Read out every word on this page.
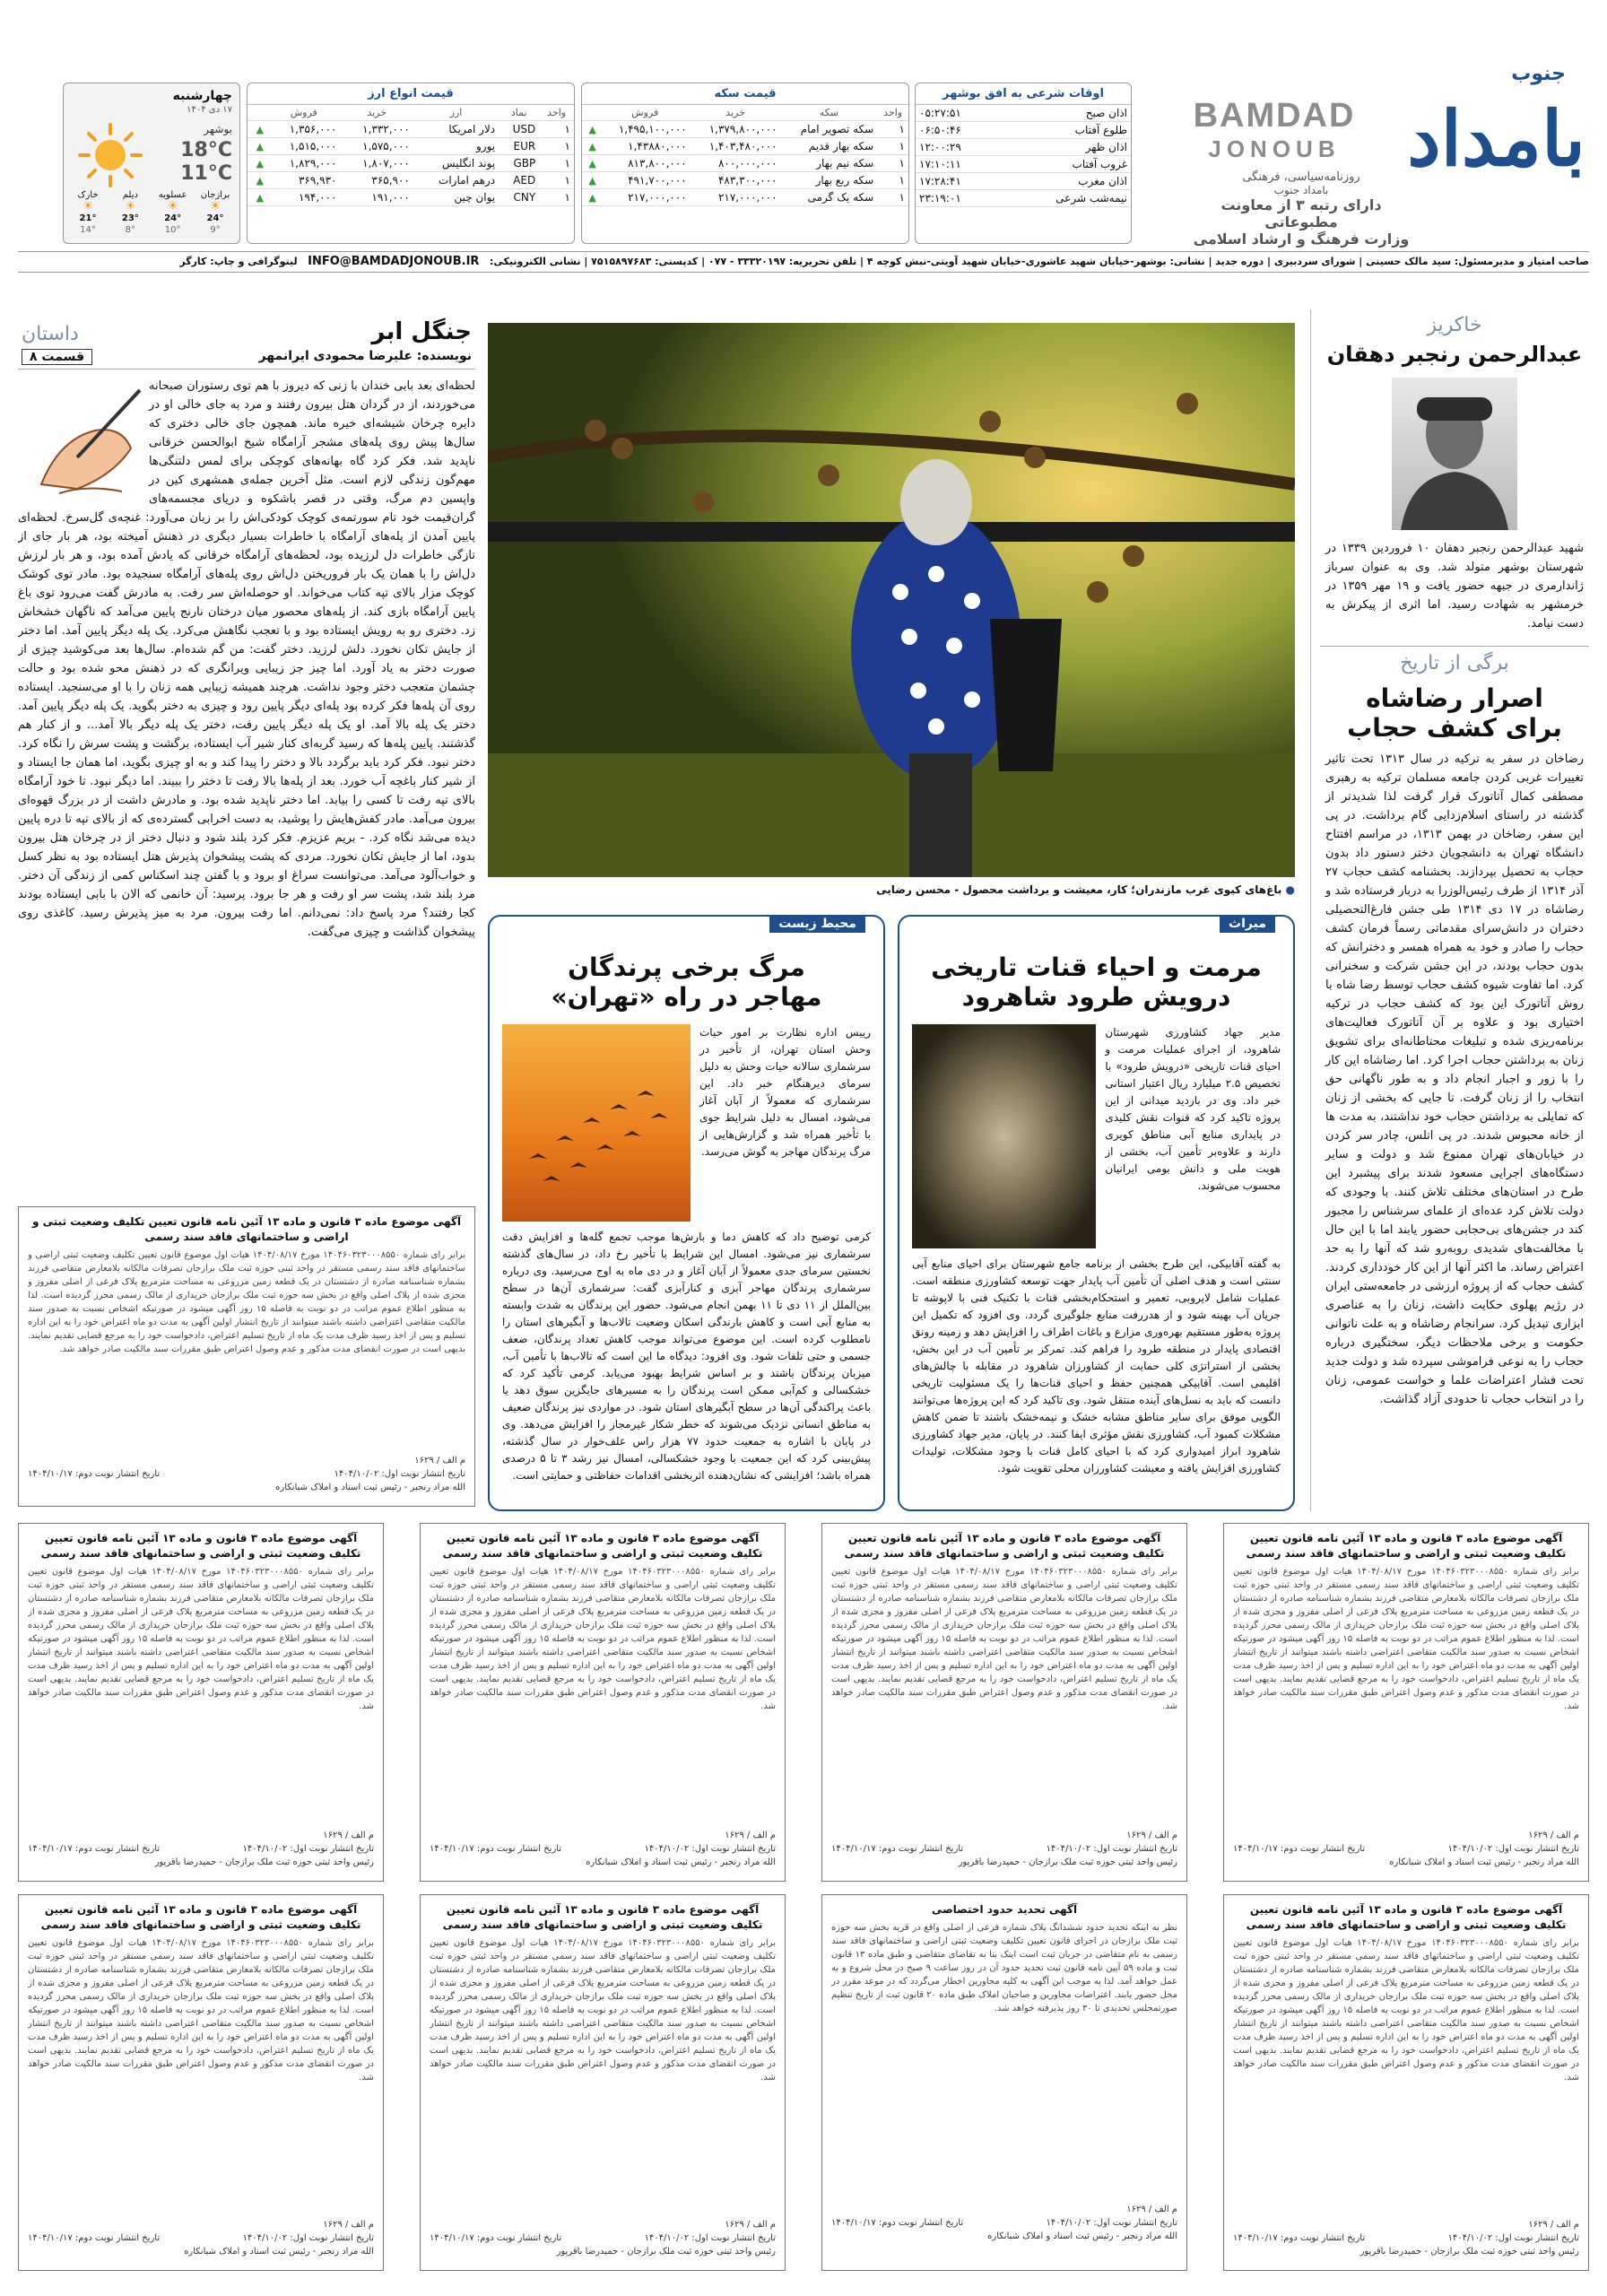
جنوب
بامداد
BAMDAD
JONOUB
روزنامه‌سیاسی، فرهنگی
بامداد جنوب
دارای رتبه ۳ از معاونت مطبوعاتی
وزارت فرهنگ و ارشاد اسلامی
اوقات شرعی به افق بوشهر
اذان صبح	۰۵:۲۷:۵۱
طلوع آفتاب	۰۶:۵۰:۴۶
اذان ظهر	۱۲:۰۰:۲۹
غروب آفتاب	۱۷:۱۰:۱۱
اذان مغرب	۱۷:۲۸:۴۱
نیمه‌شب شرعی	۲۳:۱۹:۰۱
قیمت سکه
واحد	سکه	خرید	فروش	
۱	سکه تصویر امام	۱,۳۷۹,۸۰۰,۰۰۰	۱,۴۹۵,۱۰۰,۰۰۰	▲
۱	سکه بهار قدیم	۱,۴۰۳,۴۸۰,۰۰۰	۱,۴۳۸۸۰,۰۰۰	▲
۱	سکه نیم بهار	۸۰۰,۰۰۰,۰۰۰	۸۱۳,۸۰۰,۰۰۰	▲
۱	سکه ربع بهار	۴۸۳,۳۰۰,۰۰۰	۴۹۱,۷۰۰,۰۰۰	▲
۱	سکه یک گرمی	۲۱۷,۰۰۰,۰۰۰	۲۱۷,۰۰۰,۰۰۰	▲
قیمت انواع ارز
واحد	نماد	ارز	خرید	فروش	
۱	USD	دلار امریکا	۱,۳۳۲,۰۰۰	۱,۳۵۶,۰۰۰	▲
۱	EUR	یورو	۱,۵۷۵,۰۰۰	۱,۵۱۵,۰۰۰	▲
۱	GBP	پوند انگلیس	۱,۸۰۷,۰۰۰	۱,۸۲۹,۰۰۰	▲
۱	AED	درهم امارات	۳۶۵,۹۰۰	۳۶۹,۹۳۰	▲
۱	CNY	یوان چین	۱۹۱,۰۰۰	۱۹۴,۰۰۰	▲
چهارشنبه
۱۷ دی ۱۴۰۴
بوشهر
18°C
11°C
برازجان
☀
24°
9°
عسلویه
☀
24°
10°
دیلم
☀
23°
8°
خارک
☀
21°
14°
صاحب امتیاز و مدیرمسئول: سید مالک حسینی | شورای سردبیری | دوره جدید | نشانی: بوشهر-خیابان شهید عاشوری-خیابان شهید آویتی-نبش کوچه ۴ | تلفن تحریریه: ۳۳۳۲۰۱۹۷ - ۰۷۷ | کدپستی: ۷۵۱۵۸۹۷۶۸۳ | نشانی الکترونیکی: INFO@BAMDADJONOUB.IR لیتوگرافی و چاپ: کارگر
خاکریز
عبدالرحمن رنجبر دهقان
شهید عبدالرحمن رنجبر دهقان ۱۰ فروردین ۱۳۳۹ در شهرستان بوشهر متولد شد. وی به عنوان سرباز ژاندارمری در جبهه حضور یافت و ۱۹ مهر ۱۳۵۹ در خرمشهر به شهادت رسید. اما اثری از پیکرش به دست نیامد.
برگی از تاریخ
اصرار رضاشاه
برای کشف حجاب
رضاخان در سفر به ترکیه در سال ۱۳۱۳ تحت تاثیر تغییرات غربی کردن جامعه مسلمان ترکیه به رهبری مصطفی کمال آتاتورک قرار گرفت لذا شدیدتر از گذشته در راستای اسلام‌زدایی گام برداشت. در پی این سفر، رضاخان در بهمن ۱۳۱۳، در مراسم افتتاح دانشگاه تهران به دانشجویان دختر دستور داد بدون حجاب به تحصیل بپردازند. بخشنامه کشف حجاب ۲۷ آذر ۱۳۱۴ از طرف رئیس‌الوزرا به دربار فرستاده شد و رضاشاه در ۱۷ دی ۱۳۱۴ طی جشن فارغ‌التحصیلی دختران در دانش‌سرای مقدماتی رسماً فرمان کشف حجاب را صادر و خود به همراه همسر و دخترانش که بدون حجاب بودند، در این جشن شرکت و سخنرانی کرد. اما تفاوت شیوه کشف حجاب توسط رضا شاه با روش آتاتورک این بود که کشف حجاب در ترکیه اختیاری بود و علاوه بر آن آتاتورک فعالیت‌های برنامه‌ریزی شده و تبلیغات محتاطانه‌ای برای تشویق زنان به برداشتن حجاب اجرا کرد. اما رضاشاه این کار را با زور و اجبار انجام داد و به طور ناگهانی حق انتخاب را از زنان گرفت. تا جایی که بخشی از زنان که تمایلی به برداشتن حجاب خود نداشتند، به مدت ها از خانه محبوس شدند. در پی اتلس، چادر سر کردن در خیابان‌های تهران ممنوع شد و دولت و سایر دستگاه‌های اجرایی مسعود شدند برای پیشبرد این طرح در استان‌های مختلف تلاش کنند. با وجودی که دولت تلاش کرد عده‌ای از علمای سرشناس را مجبور کند در جشن‌های بی‌حجابی حضور یابند اما با این حال با مخالفت‌های شدیدی روبه‌رو شد که آنها را به حد اعتراض رساند. ما اکثر آنها از این کار خودداری کردند. کشف حجاب که از پروژه ارزشی در جامعه‌ستی ایران در رژیم پهلوی حکایت داشت، زنان را به عناصری ابزاری تبدیل کرد. سرانجام رضاشاه و به علت ناتوانی حکومت و برخی ملاحظات دیگر، سختگیری درباره حجاب را به نوعی فراموشی سپرده شد و دولت جدید تحت فشار اعتراضات علما و خواست عمومی، زنان را در انتخاب حجاب تا حدودی آزاد گذاشت.
● باغ‌های کیوی غرب مازندران؛ کار، معیشت و برداشت محصول - محسن رضایی
میراث
مرمت و احیاء قنات تاریخی
درویش طرود شاهرود
مدیر جهاد کشاورزی شهرستان شاهرود، از اجرای عملیات مرمت و احیای قنات تاریخی «درویش طرود» با تخصیص ۲.۵ میلیارد ریال اعتبار استانی خبر داد. وی در بازدید میدانی از این پروژه تاکید کرد که قنوات نقش کلیدی در پایداری منابع آبی مناطق کویری دارند و علاوه‌بر تأمین آب، بخشی از هویت ملی و دانش بومی ایرانیان محسوب می‌شوند.
به گفته آقابیکی، این طرح بخشی از برنامه جامع شهرستان برای احیای منابع آبی سنتی است و هدف اصلی آن تأمین آب پایدار جهت توسعه کشاورزی منطقه است. عملیات شامل لایروبی، تعمیر و استحکام‌بخشی قنات با تکنیک فنی‌ با لاپوشه تا جریان آب بهینه شود و از هدررفت منابع جلوگیری گردد. وی افزود که تکمیل این پروژه به‌طور مستقیم بهره‌وری مزارع و باغات اطراف را افزایش دهد و زمینه رونق اقتصادی پایدار در منطقه طرود را فراهم کند. تمرکز بر تأمین آب در این بخش، بخشی از استراتژی کلی حمایت از کشاورزان شاهرود در مقابله با چالش‌های اقلیمی است. آقابیکی همچنین حفظ و احیای قنات‌ها را یک مسئولیت تاریخی دانست که باید به نسل‌های آینده منتقل شود. وی تاکید کرد که این پروژه‌ها می‌توانند الگویی موفق برای سایر مناطق مشابه خشک و نیمه‌خشک باشند تا ضمن کاهش مشکلات کمبود آب، کشاورزی نقش مؤثری ایفا کنند. در پایان، مدیر جهاد کشاورزی شاهرود ابراز امیدواری کرد که با احیای کامل قنات با وجود مشکلات، تولیدات کشاورزی افزایش یافته و معیشت کشاورزان محلی تقویت شود.
محیط زیست
مرگ برخی پرندگان
مهاجر در راه «تهران»
رییس اداره نظارت بر امور حیات وحش استان تهران، از تأخیر در سرشماری سالانه حیات وحش به دلیل سرمای دیرهنگام خبر داد. این سرشماری که معمولاً از آبان آغاز می‌شود، امسال به دلیل شرایط جوی با تأخیر همراه شد و گزارش‌هایی از مرگ پرندگان مهاجر به گوش می‌رسد.
کرمی توضیح داد که کاهش دما و بارش‌ها موجب تجمع گله‌ها و افزایش دقت سرشماری نیز می‌شود. امسال این شرایط با تأخیر رخ داد، در سال‌های گذشته نخستین سرمای جدی معمولاً از آبان آغاز و در دی ماه به اوج می‌رسید. وی درباره سرشماری پرندگان مهاجر آبزی و کنارآبزی گفت: سرشماری آن‌ها در سطح بین‌الملل از ۱۱ دی تا ۱۱ بهمن انجام می‌شود. حضور این پرندگان به شدت وابسته به منابع آبی است و کاهش بارندگی اسکان وضعیت تالاب‌ها و آبگیرهای استان را نامطلوب کرده است. این موضوع می‌تواند موجب کاهش تعداد پرندگان، ضعف جسمی و حتی تلفات شود. وی افزود: دیدگاه ما این است که تالاب‌ها با تأمین آب، میزبان پرندگان باشند و بر اساس شرایط بهبود می‌یابد. کرمی تأکید کرد که خشکسالی و کم‌آبی ممکن است پرندگان را به مسیرهای جایگزین سوق دهد یا باعث پراکندگی آن‌ها در سطح آبگیرهای استان شود. در مواردی نیز پرندگان ضعیف به مناطق انسانی نزدیک می‌شوند که خطر شکار غیرمجاز را افزایش می‌دهد. وی در پایان با اشاره به جمعیت حدود ۷۷ هزار راس علف‌خوار در سال گذشته، پیش‌بینی کرد که این جمعیت با وجود خشکسالی، امسال نیز رشد ۳ تا ۵ درصدی همراه باشد؛ افزایشی که نشان‌دهنده اثربخشی اقدامات حفاظتی و حمایتی است.
جنگل ابر
داستان
نویسنده: علیرضا محمودی ایرانمهر
قسمت ۸
لحظه‌ای بعد بابی خندان با زنی که دیروز با هم توی رستوران صبحانه می‌خوردند، از در گردان هتل بیرون رفتند و مرد به جای خالی او در دایره چرخان شیشه‌ای خیره ماند. همچون جای خالی دختری که سال‌ها پیش روی پله‌های مشجر آرامگاه شیخ ابوالحسن خرقانی ناپدید شد. فکر کرد گاه بهانه‌های کوچکی برای لمس دلتنگی‌ها مهم‌گون زندگی لازم است. مثل آخرین جمله‌ی همشهری کین در واپسین دم مرگ، وقتی در قصر باشکوه و دریای مجسمه‌های گران‌قیمت خود تام سورتمه‌ی کوچک کودکی‌اش را بر زبان می‌آورد: غنچه‌ی گل‌سرخ. لحظه‌ای پایین آمدن از پله‌های آرامگاه با خاطرات بسیار دیگری در ذهنش آمیخته بود، هر بار جای از تازگی خاطرات دل لرزیده بود، لحظه‌های آرامگاه خرقانی که یادش آمده بود، و هر بار لرزش دل‌اش را با همان یک بار فروریختن دل‌اش روی پله‌های آرامگاه سنجیده بود. مادر توی کوشک کوچک مزار بالای تپه کتاب می‌خواند. او حوصله‌اش سر رفت. به مادرش گفت می‌رود توی باغ پایین آرامگاه بازی کند. از پله‌های محصور میان درختان نارنج پایین می‌آمد که ناگهان خشخاش زد. دختری رو به رویش ایستاده بود و با تعجب نگاهش می‌کرد. یک پله دیگر پایین آمد. اما دختر از جایش تکان نخورد. دلش لرزید. دختر گفت: من گم شده‌ام. سال‌ها بعد می‌کوشید چیزی از صورت دختر به یاد آورد. اما چیز جز زیبایی ویرانگری که در ذهنش محو شده بود و حالت چشمان متعجب دختر وجود نداشت. هرچند همیشه زیبایی همه زنان را با او می‌سنجید. ایستاده روی آن پله‌ها فکر کرده بود پله‌ای دیگر پایین رود و چیزی به دختر بگوید. یک پله دیگر پایین آمد. دختر یک پله بالا آمد. او یک پله دیگر پایین رفت، دختر یک پله دیگر بالا آمد... و از کنار هم گذشتند. پایین پله‌ها که رسید گربه‌ای کنار شیر آب ایستاده، برگشت و پشت سرش را نگاه کرد. دختر نبود. فکر کرد باید برگردد بالا و دختر را پیدا کند و به او چیزی بگوید، اما همان جا ایستاد و از شیر کنار باغچه آب خورد. بعد از پله‌ها بالا رفت تا دختر را ببیند. اما دیگر نبود. تا خود آرامگاه بالای تپه رفت تا کسی را بیابد. اما دختر ناپدید شده بود. و مادرش داشت از در بزرگ قهوه‌ای بیرون می‌آمد. مادر کفش‌هایش را پوشید، به دست اخرابی گسترده‌ی که از بالای تپه تا دره پایین دیده می‌شد نگاه کرد. - بریم عزیزم. فکر کرد بلند شود و دنبال دختر از در چرخان هتل بیرون بدود، اما از جایش تکان نخورد. مردی که پشت پیشخوان پذیرش هتل ایستاده بود به نظر کسل و خواب‌آلود می‌آمد. می‌توانست سراغ او برود و با گفتن چند اسکناس کمی از زندگی آن دختر. مرد بلند شد، پشت سر او رفت و هر جا برود. پرسید: آن خانمی که الان با بابی ایستاده بودند کجا رفتند؟ مرد پاسخ داد: نمی‌دانم. اما رفت بیرون. مرد به میز پذیرش رسید. کاغذی روی پیشخوان گذاشت و چیزی می‌گفت.
آگهی موضوع ماده ۳ قانون و ماده ۱۳ آئین نامه قانون تعیین تکلیف وضعیت ثبتی و اراضی و ساختمانهای فاقد سند رسمی
برابر رای شماره ۱۴۰۴۶۰۳۲۳۰۰۰۸۵۵۰ مورخ ۱۴۰۴/۰۸/۱۷ هیات اول موضوع قانون تعیین تکلیف وضعیت ثبتی اراضی و ساختمانهای فاقد سند رسمی مستقر در واحد ثبتی حوزه ثبت ملک برازجان تصرفات مالکانه بلامعارض متقاضی فرزند بشماره شناسنامه صادره از دشتستان در یک قطعه زمین مزروعی به مساحت مترمربع پلاک فرعی از اصلی مفروز و مجزی شده از پلاک اصلی واقع در بخش سه حوزه ثبت ملک برازجان خریداری از مالک رسمی محرز گردیده است. لذا به منظور اطلاع عموم مراتب در دو نوبت به فاصله ۱۵ روز آگهی میشود در صورتیکه اشخاص نسبت به صدور سند مالکیت متقاضی اعتراضی داشته باشند میتوانند از تاریخ انتشار اولین آگهی به مدت دو ماه اعتراض خود را به این اداره تسلیم و پس از اخذ رسید ظرف مدت یک ماه از تاریخ تسلیم اعتراض، دادخواست خود را به مرجع قضایی تقدیم نمایند. بدیهی است در صورت انقضای مدت مذکور و عدم وصول اعتراض طبق مقررات سند مالکیت صادر خواهد شد.
م الف / ۱۶۲۹
تاریخ انتشار نوبت اول: ۱۴۰۴/۱۰/۰۲
تاریخ انتشار نوبت دوم: ۱۴۰۴/۱۰/۱۷
الله مراد رنجبر - رئیس ثبت اسناد و املاک شبانکاره
آگهی موضوع ماده ۳ قانون و ماده ۱۳ آئین نامه قانون تعیین تکلیف وضعیت ثبتی و اراضی و ساختمانهای فاقد سند رسمی
برابر رای شماره ۱۴۰۴۶۰۳۲۳۰۰۰۸۵۵۰ مورخ ۱۴۰۴/۰۸/۱۷ هیات اول موضوع قانون تعیین تکلیف وضعیت ثبتی اراضی و ساختمانهای فاقد سند رسمی مستقر در واحد ثبتی حوزه ثبت ملک برازجان تصرفات مالکانه بلامعارض متقاضی فرزند بشماره شناسنامه صادره از دشتستان در یک قطعه زمین مزروعی به مساحت مترمربع پلاک فرعی از اصلی مفروز و مجزی شده از پلاک اصلی واقع در بخش سه حوزه ثبت ملک برازجان خریداری از مالک رسمی محرز گردیده است. لذا به منظور اطلاع عموم مراتب در دو نوبت به فاصله ۱۵ روز آگهی میشود در صورتیکه اشخاص نسبت به صدور سند مالکیت متقاضی اعتراضی داشته باشند میتوانند از تاریخ انتشار اولین آگهی به مدت دو ماه اعتراض خود را به این اداره تسلیم و پس از اخذ رسید ظرف مدت یک ماه از تاریخ تسلیم اعتراض، دادخواست خود را به مرجع قضایی تقدیم نمایند. بدیهی است در صورت انقضای مدت مذکور و عدم وصول اعتراض طبق مقررات سند مالکیت صادر خواهد شد.
م الف / ۱۶۲۹
تاریخ انتشار نوبت اول: ۱۴۰۴/۱۰/۰۲
تاریخ انتشار نوبت دوم: ۱۴۰۴/۱۰/۱۷
الله مراد رنجبر - رئیس ثبت اسناد و املاک شبانکاره
آگهی موضوع ماده ۳ قانون و ماده ۱۳ آئین نامه قانون تعیین تکلیف وضعیت ثبتی و اراضی و ساختمانهای فاقد سند رسمی
برابر رای شماره ۱۴۰۴۶۰۳۲۳۰۰۰۸۵۵۰ مورخ ۱۴۰۴/۰۸/۱۷ هیات اول موضوع قانون تعیین تکلیف وضعیت ثبتی اراضی و ساختمانهای فاقد سند رسمی مستقر در واحد ثبتی حوزه ثبت ملک برازجان تصرفات مالکانه بلامعارض متقاضی فرزند بشماره شناسنامه صادره از دشتستان در یک قطعه زمین مزروعی به مساحت مترمربع پلاک فرعی از اصلی مفروز و مجزی شده از پلاک اصلی واقع در بخش سه حوزه ثبت ملک برازجان خریداری از مالک رسمی محرز گردیده است. لذا به منظور اطلاع عموم مراتب در دو نوبت به فاصله ۱۵ روز آگهی میشود در صورتیکه اشخاص نسبت به صدور سند مالکیت متقاضی اعتراضی داشته باشند میتوانند از تاریخ انتشار اولین آگهی به مدت دو ماه اعتراض خود را به این اداره تسلیم و پس از اخذ رسید ظرف مدت یک ماه از تاریخ تسلیم اعتراض، دادخواست خود را به مرجع قضایی تقدیم نمایند. بدیهی است در صورت انقضای مدت مذکور و عدم وصول اعتراض طبق مقررات سند مالکیت صادر خواهد شد.
م الف / ۱۶۲۹
تاریخ انتشار نوبت اول: ۱۴۰۴/۱۰/۰۲
تاریخ انتشار نوبت دوم: ۱۴۰۴/۱۰/۱۷
رئیس واحد ثبتی حوزه ثبت ملک برازجان - حمیدرضا باقرپور
آگهی موضوع ماده ۳ قانون و ماده ۱۳ آئین نامه قانون تعیین تکلیف وضعیت ثبتی و اراضی و ساختمانهای فاقد سند رسمی
برابر رای شماره ۱۴۰۴۶۰۳۲۳۰۰۰۸۵۵۰ مورخ ۱۴۰۴/۰۸/۱۷ هیات اول موضوع قانون تعیین تکلیف وضعیت ثبتی اراضی و ساختمانهای فاقد سند رسمی مستقر در واحد ثبتی حوزه ثبت ملک برازجان تصرفات مالکانه بلامعارض متقاضی فرزند بشماره شناسنامه صادره از دشتستان در یک قطعه زمین مزروعی به مساحت مترمربع پلاک فرعی از اصلی مفروز و مجزی شده از پلاک اصلی واقع در بخش سه حوزه ثبت ملک برازجان خریداری از مالک رسمی محرز گردیده است. لذا به منظور اطلاع عموم مراتب در دو نوبت به فاصله ۱۵ روز آگهی میشود در صورتیکه اشخاص نسبت به صدور سند مالکیت متقاضی اعتراضی داشته باشند میتوانند از تاریخ انتشار اولین آگهی به مدت دو ماه اعتراض خود را به این اداره تسلیم و پس از اخذ رسید ظرف مدت یک ماه از تاریخ تسلیم اعتراض، دادخواست خود را به مرجع قضایی تقدیم نمایند. بدیهی است در صورت انقضای مدت مذکور و عدم وصول اعتراض طبق مقررات سند مالکیت صادر خواهد شد.
م الف / ۱۶۲۹
تاریخ انتشار نوبت اول: ۱۴۰۴/۱۰/۰۲
تاریخ انتشار نوبت دوم: ۱۴۰۴/۱۰/۱۷
الله مراد رنجبر - رئیس ثبت اسناد و املاک شبانکاره
آگهی موضوع ماده ۳ قانون و ماده ۱۳ آئین نامه قانون تعیین تکلیف وضعیت ثبتی و اراضی و ساختمانهای فاقد سند رسمی
برابر رای شماره ۱۴۰۴۶۰۳۲۳۰۰۰۸۵۵۰ مورخ ۱۴۰۴/۰۸/۱۷ هیات اول موضوع قانون تعیین تکلیف وضعیت ثبتی اراضی و ساختمانهای فاقد سند رسمی مستقر در واحد ثبتی حوزه ثبت ملک برازجان تصرفات مالکانه بلامعارض متقاضی فرزند بشماره شناسنامه صادره از دشتستان در یک قطعه زمین مزروعی به مساحت مترمربع پلاک فرعی از اصلی مفروز و مجزی شده از پلاک اصلی واقع در بخش سه حوزه ثبت ملک برازجان خریداری از مالک رسمی محرز گردیده است. لذا به منظور اطلاع عموم مراتب در دو نوبت به فاصله ۱۵ روز آگهی میشود در صورتیکه اشخاص نسبت به صدور سند مالکیت متقاضی اعتراضی داشته باشند میتوانند از تاریخ انتشار اولین آگهی به مدت دو ماه اعتراض خود را به این اداره تسلیم و پس از اخذ رسید ظرف مدت یک ماه از تاریخ تسلیم اعتراض، دادخواست خود را به مرجع قضایی تقدیم نمایند. بدیهی است در صورت انقضای مدت مذکور و عدم وصول اعتراض طبق مقررات سند مالکیت صادر خواهد شد.
م الف / ۱۶۲۹
تاریخ انتشار نوبت اول: ۱۴۰۴/۱۰/۰۲
تاریخ انتشار نوبت دوم: ۱۴۰۴/۱۰/۱۷
رئیس واحد ثبتی حوزه ثبت ملک برازجان - حمیدرضا باقرپور
آگهی موضوع ماده ۳ قانون و ماده ۱۳ آئین نامه قانون تعیین تکلیف وضعیت ثبتی و اراضی و ساختمانهای فاقد سند رسمی
برابر رای شماره ۱۴۰۴۶۰۳۲۳۰۰۰۸۵۵۰ مورخ ۱۴۰۴/۰۸/۱۷ هیات اول موضوع قانون تعیین تکلیف وضعیت ثبتی اراضی و ساختمانهای فاقد سند رسمی مستقر در واحد ثبتی حوزه ثبت ملک برازجان تصرفات مالکانه بلامعارض متقاضی فرزند بشماره شناسنامه صادره از دشتستان در یک قطعه زمین مزروعی به مساحت مترمربع پلاک فرعی از اصلی مفروز و مجزی شده از پلاک اصلی واقع در بخش سه حوزه ثبت ملک برازجان خریداری از مالک رسمی محرز گردیده است. لذا به منظور اطلاع عموم مراتب در دو نوبت به فاصله ۱۵ روز آگهی میشود در صورتیکه اشخاص نسبت به صدور سند مالکیت متقاضی اعتراضی داشته باشند میتوانند از تاریخ انتشار اولین آگهی به مدت دو ماه اعتراض خود را به این اداره تسلیم و پس از اخذ رسید ظرف مدت یک ماه از تاریخ تسلیم اعتراض، دادخواست خود را به مرجع قضایی تقدیم نمایند. بدیهی است در صورت انقضای مدت مذکور و عدم وصول اعتراض طبق مقررات سند مالکیت صادر خواهد شد.
م الف / ۱۶۲۹
تاریخ انتشار نوبت اول: ۱۴۰۴/۱۰/۰۲
تاریخ انتشار نوبت دوم: ۱۴۰۴/۱۰/۱۷
رئیس واحد ثبتی حوزه ثبت ملک برازجان - حمیدرضا باقرپور
آگهی تحدید حدود اختصاصی
نظر به اینکه تحدید حدود ششدانگ پلاک شماره فرعی از اصلی واقع در قریه بخش سه حوزه ثبت ملک برازجان در اجرای قانون تعیین تکلیف وضعیت ثبتی اراضی و ساختمانهای فاقد سند رسمی به نام متقاضی در جریان ثبت است اینک بنا به تقاضای متقاضی و طبق ماده ۱۳ قانون ثبت و ماده ۵۹ آیین نامه قانون ثبت تحدید حدود آن در روز ساعت ۹ صبح در محل شروع و به عمل خواهد آمد. لذا به موجب این آگهی به کلیه مجاورین اخطار می‌گردد که در موعد مقرر در محل حضور یابند. اعتراضات مجاورین و صاحبان املاک طبق ماده ۲۰ قانون ثبت از تاریخ تنظیم صورتمجلس تحدیدی تا ۳۰ روز پذیرفته خواهد شد.
م الف / ۱۶۲۹
تاریخ انتشار نوبت اول: ۱۴۰۴/۱۰/۰۲
تاریخ انتشار نوبت دوم: ۱۴۰۴/۱۰/۱۷
الله مراد رنجبر - رئیس ثبت اسناد و املاک شبانکاره
آگهی موضوع ماده ۳ قانون و ماده ۱۳ آئین نامه قانون تعیین تکلیف وضعیت ثبتی و اراضی و ساختمانهای فاقد سند رسمی
برابر رای شماره ۱۴۰۴۶۰۳۲۳۰۰۰۸۵۵۰ مورخ ۱۴۰۴/۰۸/۱۷ هیات اول موضوع قانون تعیین تکلیف وضعیت ثبتی اراضی و ساختمانهای فاقد سند رسمی مستقر در واحد ثبتی حوزه ثبت ملک برازجان تصرفات مالکانه بلامعارض متقاضی فرزند بشماره شناسنامه صادره از دشتستان در یک قطعه زمین مزروعی به مساحت مترمربع پلاک فرعی از اصلی مفروز و مجزی شده از پلاک اصلی واقع در بخش سه حوزه ثبت ملک برازجان خریداری از مالک رسمی محرز گردیده است. لذا به منظور اطلاع عموم مراتب در دو نوبت به فاصله ۱۵ روز آگهی میشود در صورتیکه اشخاص نسبت به صدور سند مالکیت متقاضی اعتراضی داشته باشند میتوانند از تاریخ انتشار اولین آگهی به مدت دو ماه اعتراض خود را به این اداره تسلیم و پس از اخذ رسید ظرف مدت یک ماه از تاریخ تسلیم اعتراض، دادخواست خود را به مرجع قضایی تقدیم نمایند. بدیهی است در صورت انقضای مدت مذکور و عدم وصول اعتراض طبق مقررات سند مالکیت صادر خواهد شد.
م الف / ۱۶۲۹
تاریخ انتشار نوبت اول: ۱۴۰۴/۱۰/۰۲
تاریخ انتشار نوبت دوم: ۱۴۰۴/۱۰/۱۷
رئیس واحد ثبتی حوزه ثبت ملک برازجان - حمیدرضا باقرپور
آگهی موضوع ماده ۳ قانون و ماده ۱۳ آئین نامه قانون تعیین تکلیف وضعیت ثبتی و اراضی و ساختمانهای فاقد سند رسمی
برابر رای شماره ۱۴۰۴۶۰۳۲۳۰۰۰۸۵۵۰ مورخ ۱۴۰۴/۰۸/۱۷ هیات اول موضوع قانون تعیین تکلیف وضعیت ثبتی اراضی و ساختمانهای فاقد سند رسمی مستقر در واحد ثبتی حوزه ثبت ملک برازجان تصرفات مالکانه بلامعارض متقاضی فرزند بشماره شناسنامه صادره از دشتستان در یک قطعه زمین مزروعی به مساحت مترمربع پلاک فرعی از اصلی مفروز و مجزی شده از پلاک اصلی واقع در بخش سه حوزه ثبت ملک برازجان خریداری از مالک رسمی محرز گردیده است. لذا به منظور اطلاع عموم مراتب در دو نوبت به فاصله ۱۵ روز آگهی میشود در صورتیکه اشخاص نسبت به صدور سند مالکیت متقاضی اعتراضی داشته باشند میتوانند از تاریخ انتشار اولین آگهی به مدت دو ماه اعتراض خود را به این اداره تسلیم و پس از اخذ رسید ظرف مدت یک ماه از تاریخ تسلیم اعتراض، دادخواست خود را به مرجع قضایی تقدیم نمایند. بدیهی است در صورت انقضای مدت مذکور و عدم وصول اعتراض طبق مقررات سند مالکیت صادر خواهد شد.
م الف / ۱۶۲۹
تاریخ انتشار نوبت اول: ۱۴۰۴/۱۰/۰۲
تاریخ انتشار نوبت دوم: ۱۴۰۴/۱۰/۱۷
الله مراد رنجبر - رئیس ثبت اسناد و املاک شبانکاره
